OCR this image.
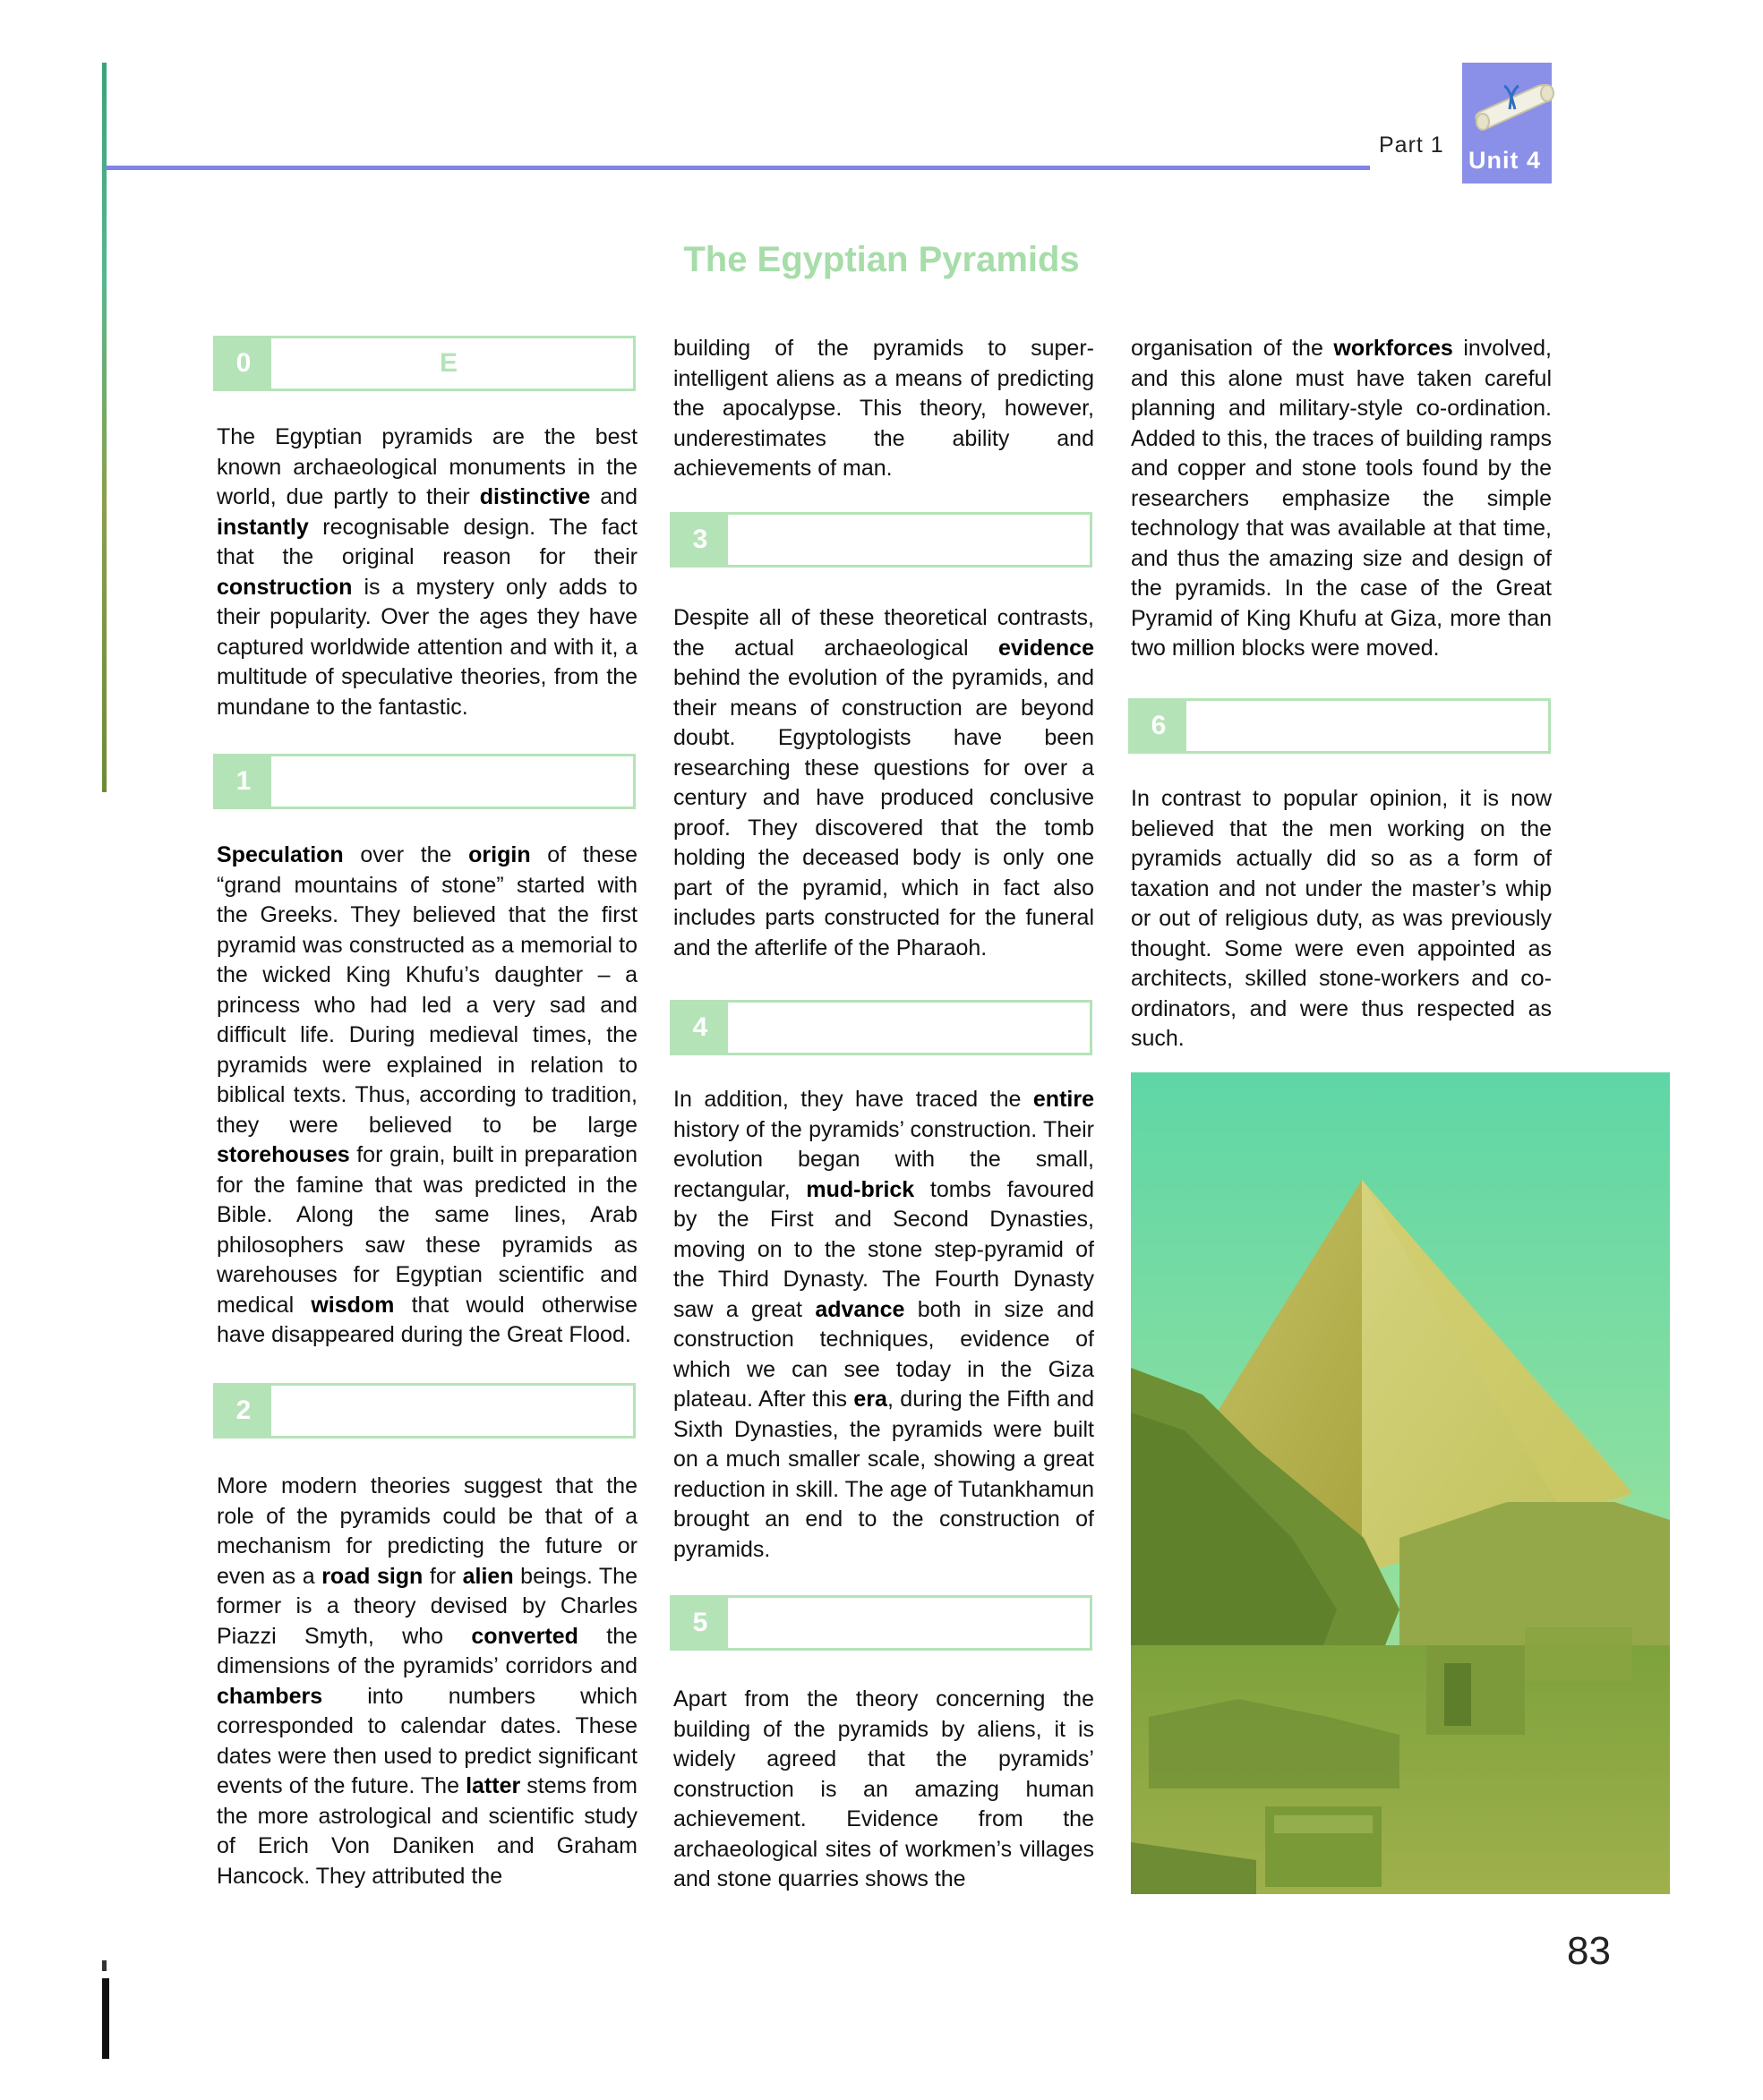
Part 1
Unit 4
The Egyptian Pyramids
0	E

The Egyptian pyramids are the best known archaeological monuments in the world, due partly to their distinctive and instantly recognisable design. The fact that the original reason for their construction is a mystery only adds to their popularity. Over the ages they have captured worldwide attention and with it, a multitude of speculative theories, from the mundane to the fantastic.

1

Speculation over the origin of these “grand mountains of stone” started with the Greeks. They believed that the first pyramid was constructed as a memorial to the wicked King Khufu’s daughter – a princess who had led a very sad and difficult life. During medieval times, the pyramids were explained in relation to biblical texts. Thus, according to tradition, they were believed to be large storehouses for grain, built in preparation for the famine that was predicted in the Bible. Along the same lines, Arab philosophers saw these pyramids as warehouses for Egyptian scientific and medical wisdom that would otherwise have disappeared during the Great Flood.

2

More modern theories suggest that the role of the pyramids could be that of a mechanism for predicting the future or even as a road sign for alien beings. The former is a theory devised by Charles Piazzi Smyth, who converted the dimensions of the pyramids’ corridors and chambers into numbers which corresponded to calendar dates. These dates were then used to predict significant events of the future. The latter stems from the more astrological and scientific study of Erich Von Daniken and Graham Hancock. They attributed the

building of the pyramids to super-intelligent aliens as a means of predicting the apocalypse. This theory, however, underestimates the ability and achievements of man.

3

Despite all of these theoretical contrasts, the actual archaeological evidence behind the evolution of the pyramids, and their means of construction are beyond doubt. Egyptologists have been researching these questions for over a century and have produced conclusive proof. They discovered that the tomb holding the deceased body is only one part of the pyramid, which in fact also includes parts constructed for the funeral and the afterlife of the Pharaoh.

4

In addition, they have traced the entire history of the pyramids’ construction. Their evolution began with the small, rectangular, mud-brick tombs favoured by the First and Second Dynasties, moving on to the stone step-pyramid of the Third Dynasty. The Fourth Dynasty saw a great advance both in size and construction techniques, evidence of which we can see today in the Giza plateau. After this era, during the Fifth and Sixth Dynasties, the pyramids were built on a much smaller scale, showing a great reduction in skill. The age of Tutankhamun brought an end to the construction of pyramids.

5

Apart from the theory concerning the building of the pyramids by aliens, it is widely agreed that the pyramids’ construction is an amazing human achievement. Evidence from the archaeological sites of workmen’s villages and stone quarries shows the

organisation of the workforces involved, and this alone must have taken careful planning and military-style co-ordination. Added to this, the traces of building ramps and copper and stone tools found by the researchers emphasize the simple technology that was available at that time, and thus the amazing size and design of the pyramids. In the case of the Great Pyramid of King Khufu at Giza, more than two million blocks were moved.

6

In contrast to popular opinion, it is now believed that the men working on the pyramids actually did so as a form of taxation and not under the master’s whip or out of religious duty, as was previously thought. Some were even appointed as architects, skilled stone-workers and co-ordinators, and were thus respected as such.

83
